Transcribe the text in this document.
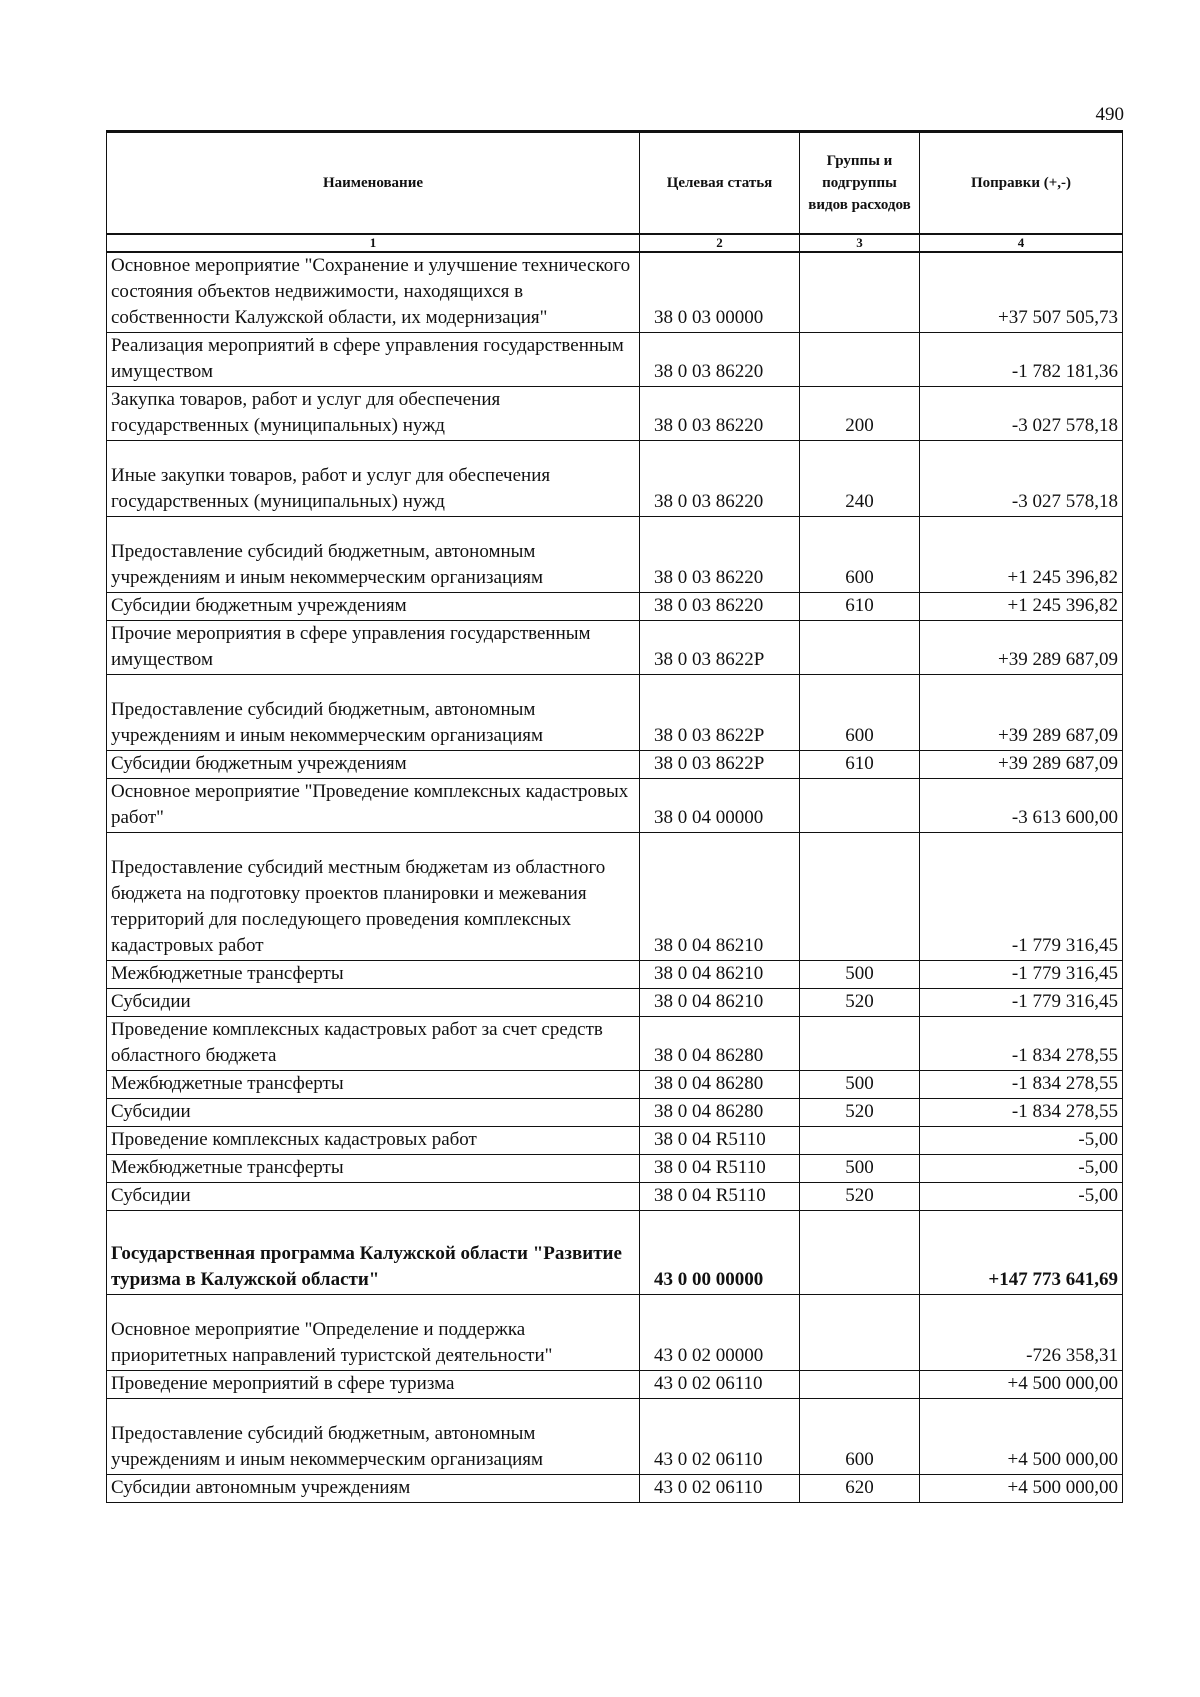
490
Наименование	Целевая статья	Группы и подгруппы видов расходов	Поправки (+,-)
1	2	3	4
Основное мероприятие "Сохранение и улучшение технического состояния объектов недвижимости, находящихся в собственности Калужской области, их модернизация"	38 0 03 00000		+37 507 505,73
Реализация мероприятий в сфере управления государственным имуществом	38 0 03 86220		-1 782 181,36
Закупка товаров, работ и услуг для обеспечения государственных (муниципальных) нужд	38 0 03 86220	200	-3 027 578,18
Иные закупки товаров, работ и услуг для обеспечения государственных (муниципальных) нужд	38 0 03 86220	240	-3 027 578,18
Предоставление субсидий бюджетным, автономным учреждениям и иным некоммерческим организациям	38 0 03 86220	600	+1 245 396,82
Субсидии бюджетным учреждениям	38 0 03 86220	610	+1 245 396,82
Прочие мероприятия в сфере управления государственным имуществом	38 0 03 8622Р		+39 289 687,09
Предоставление субсидий бюджетным, автономным учреждениям и иным некоммерческим организациям	38 0 03 8622Р	600	+39 289 687,09
Субсидии бюджетным учреждениям	38 0 03 8622Р	610	+39 289 687,09
Основное мероприятие "Проведение комплексных кадастровых работ"	38 0 04 00000		-3 613 600,00
Предоставление субсидий местным бюджетам из областного бюджета на подготовку проектов планировки и межевания территорий для последующего проведения комплексных кадастровых работ	38 0 04 86210		-1 779 316,45
Межбюджетные трансферты	38 0 04 86210	500	-1 779 316,45
Субсидии	38 0 04 86210	520	-1 779 316,45
Проведение комплексных кадастровых работ за счет средств областного бюджета	38 0 04 86280		-1 834 278,55
Межбюджетные трансферты	38 0 04 86280	500	-1 834 278,55
Субсидии	38 0 04 86280	520	-1 834 278,55
Проведение комплексных кадастровых работ	38 0 04 R5110		-5,00
Межбюджетные трансферты	38 0 04 R5110	500	-5,00
Субсидии	38 0 04 R5110	520	-5,00
Государственная программа Калужской области "Развитие туризма в Калужской области"	43 0 00 00000		+147 773 641,69
Основное мероприятие "Определение и поддержка приоритетных направлений туристской деятельности"	43 0 02 00000		-726 358,31
Проведение мероприятий в сфере туризма	43 0 02 06110		+4 500 000,00
Предоставление субсидий бюджетным, автономным учреждениям и иным некоммерческим организациям	43 0 02 06110	600	+4 500 000,00
Субсидии автономным учреждениям	43 0 02 06110	620	+4 500 000,00
